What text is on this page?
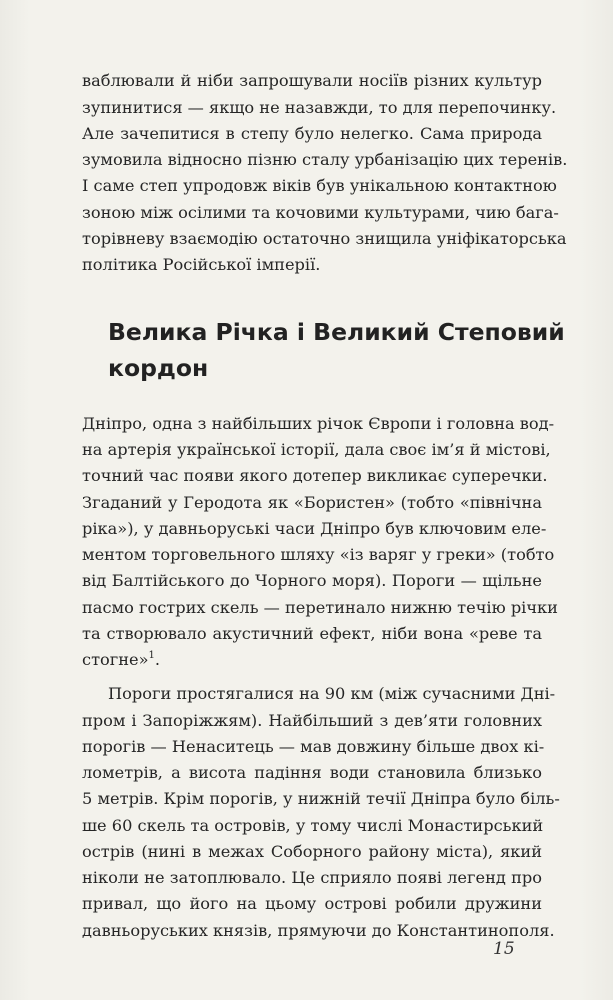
ваблювали й ніби запрошували носіїв різних культур
зупинитися — якщо не назавжди, то для перепочинку.
Але зачепитися в степу було нелегко. Сама природа
зумовила відносно пізню сталу урбанізацію цих теренів.
І саме степ упродовж віків був унікальною контактною
зоною між осілими та кочовими культурами, чию бага-
торівневу взаємодію остаточно знищила уніфікаторська
політика Російської імперії.
Велика Річка і Великий Степовий
кордон
Дніпро, одна з найбільших річок Європи і головна вод-
на артерія української історії, дала своє ім’я й містові,
точний час появи якого дотепер викликає суперечки.
Згаданий у Геродота як «Бористен» (тобто «північна
ріка»), у давньоруські часи Дніпро був ключовим еле-
ментом торговельного шляху «із варяг у греки» (тобто
від Балтійського до Чорного моря). Пороги — щільне
пасмо гострих скель — перетинало нижню течію річки
та створювало акустичний ефект, ніби вона «реве та
стогне»$^1$.
Пороги простягалися на 90 км (між сучасними Дні-
пром і Запоріжжям). Найбільший з дев’яти головних
порогів — Ненаситець — мав довжину більше двох кі-
лометрів, а висота падіння води становила близько
5 метрів. Крім порогів, у нижній течії Дніпра було біль-
ше 60 скель та островів, у тому числі Монастирський
острів (нині в межах Соборного району міста), який
ніколи не затоплювало. Це сприяло появі легенд про
привал, що його на цьому острові робили дружини
давньоруських князів, прямуючи до Константинополя.
15
